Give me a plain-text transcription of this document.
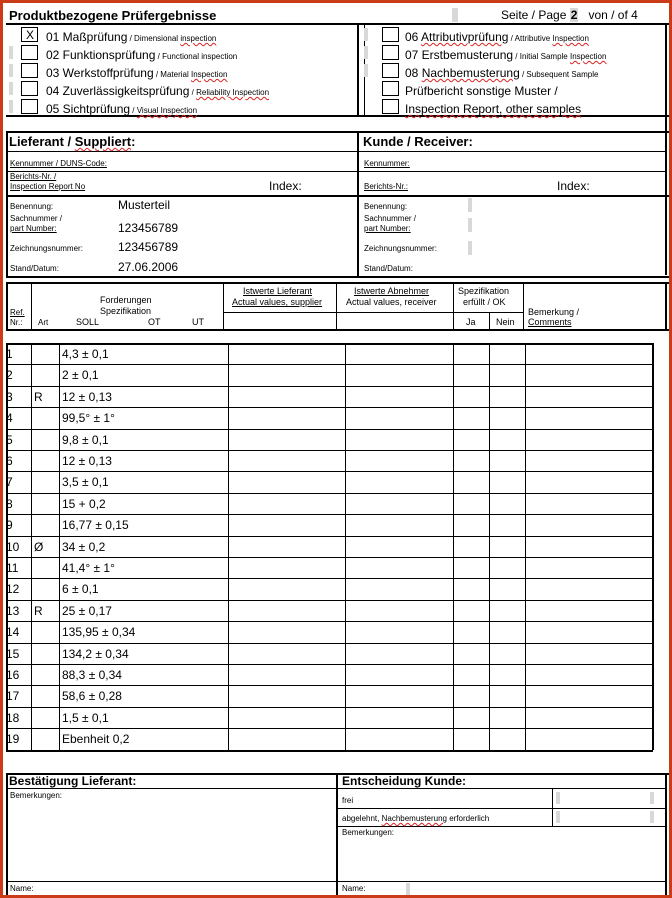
Produktbezogene Prüfergebnisse	Seite / Page 2 von / of 4
X 01 Maßprüfung / Dimensional inspection
02 Funktionsprüfung / Functional inspection
03 Werkstoffprüfung / Material Inspection
04 Zuverlässigkeitsprüfung / Reliability Inspection
05 Sichtprüfung / Visual Inspection
06 Attributivprüfung / Attributive Inspection
07 Erstbemusterung / Initial Sample Inspection
08 Nachbemusterung / Subsequent Sample
Prüfbericht sonstige Muster /
Inspection Report, other samples
Lieferant / Suppliert:	Kunde / Receiver:
Kennummer / DUNS-Code:	Kennummer:
Berichts-Nr. /
Inspection Report No	Index:	Berichts-Nr.:	Index:
Benennung:	Musterteil
Sachnummer /
part Number:	123456789
Zeichnungsnummer:	123456789
Stand/Datum:	27.06.2006
Benennung:
Sachnummer /
part Number:
Zeichnungsnummer:
Stand/Datum:
Ref.
Nr.: Art
Forderungen
Spezifikation
SOLL	OT	UT
Istwerte Lieferant
Actual values, supplier
Istwerte Abnehmer
Actual values, receiver
Spezifikation
erfüllt / OK
Ja Nein
Bemerkung /
Comments
1	4,3 ± 0,1
2	2 ± 0,1
3 R 12 ± 0,13
4	99,5° ± 1°
5	9,8 ± 0,1
6	12 ± 0,13
7	3,5 ± 0,1
8	15 + 0,2
9	16,77 ± 0,15
10 Ø 34 ± 0,2
11	41,4° ± 1°
12	6 ± 0,1
13 R 25 ± 0,17
14	135,95 ± 0,34
15	134,2 ± 0,34
16	88,3 ± 0,34
17	58,6 ± 0,28
18	1,5 ± 0,1
19	Ebenheit 0,2
Bestätigung Lieferant:
Bemerkungen:
Name:
Entscheidung Kunde:
frei
abgelehnt, Nachbemusterung erforderlich
Bemerkungen:
Name:
